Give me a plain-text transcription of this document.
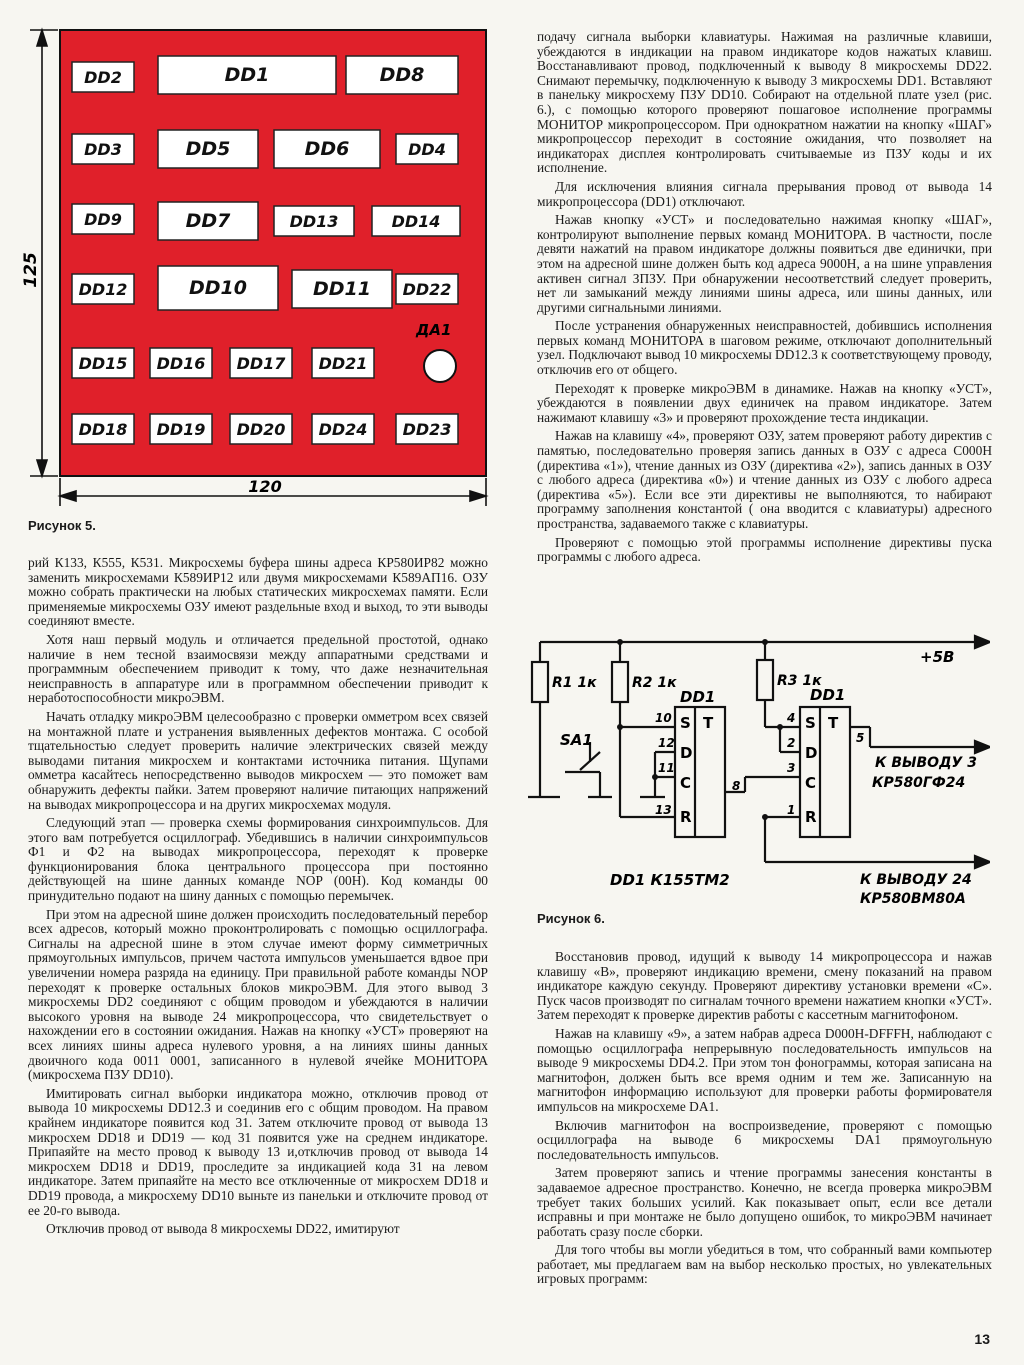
125
120
DD2	DD1	DD8
DD3	DD5	DD6	DD4
DD9	DD7	DD13	DD14
DD12	DD10	DD11 DD22
DD15 DD16 DD17 DD21
DD18 DD19 DD20 DD24 DD23
ДА1
Рисунок 5.

рий К133, К555, К531. Микросхемы буфера шины адреса КР580ИР82 можно заменить микросхемами К589ИР12 или двумя микросхемами К589АП16. ОЗУ можно собрать практически на любых статических микросхемах памяти. Если применяемые микросхемы ОЗУ имеют раздельные вход и выход, то эти выводы соединяют вместе.

Хотя наш первый модуль и отличается предельной простотой, однако наличие в нем тесной взаимосвязи между аппаратными средствами и программным обеспечением приводит к тому, что даже незначительная неисправность в аппаратуре или в программном обеспечении приводит к неработоспособности микроЭВМ.

Начать отладку микроЭВМ целесообразно с проверки омметром всех связей на монтажной плате и устранения выявленных дефектов монтажа. С особой тщательностью следует проверить наличие электрических связей между выводами питания микросхем и контактами источника питания. Щупами омметра касайтесь непосредственно выводов микросхем — это поможет вам обнаружить дефекты пайки. Затем проверяют наличие питающих напряжений на выводах микропроцессора и на других микросхемах модуля.

Следующий этап — проверка схемы формирования синхроимпульсов. Для этого вам потребуется осциллограф. Убедившись в наличии синхроимпульсов Ф1 и Ф2 на выводах микропроцессора, переходят к проверке функционирования блока центрального процессора при постоянно действующей на шине данных команде NOP (00H). Код команды 00 принудительно подают на шину данных с помощью перемычек.

При этом на адресной шине должен происходить последовательный перебор всех адресов, который можно проконтролировать с помощью осциллографа. Сигналы на адресной шине в этом случае имеют форму симметричных прямоугольных импульсов, причем частота импульсов уменьшается вдвое при увеличении номера разряда на единицу. При правильной работе команды NOP переходят к проверке остальных блоков микроЭВМ. Для этого вывод 3 микросхемы DD2 соединяют с общим проводом и убеждаются в наличии высокого уровня на выводе 24 микропроцессора, что свидетельствует о нахождении его в состоянии ожидания. Нажав на кнопку «УСТ» проверяют на всех линиях шины адреса нулевого уровня, а на линиях шины данных двоичного кода 0011 0001, записанного в нулевой ячейке МОНИТОРА (микросхема ПЗУ DD10).

Имитировать сигнал выборки индикатора можно, отключив провод от вывода 10 микросхемы DD12.3 и соединив его с общим проводом. На правом крайнем индикаторе появится код 31. Затем отключите провод от вывода 13 микросхем DD18 и DD19 — код 31 появится уже на среднем индикаторе. Припаяйте на место провод к выводу 13 и,отключив провод от вывода 14 микросхем DD18 и DD19, проследите за индикацией кода 31 на левом индикаторе. Затем припаяйте на место все отключенные от микросхем DD18 и DD19 провода, а микросхему DD10 выньте из панельки и отключите провод от ее 20-го вывода.

Отключив провод от вывода 8 микросхемы DD22, имитируют

подачу сигнала выборки клавиатуры. Нажимая на различные клавиши, убеждаются в индикации на правом индикаторе кодов нажатых клавиш. Восстанавливают провод, подключенный к выводу 8 микросхемы DD22. Снимают перемычку, подключенную к выводу 3 микросхемы DD1. Вставляют в панельку микросхему ПЗУ DD10. Собирают на отдельной плате узел (рис. 6.), с помощью которого проверяют пошаговое исполнение программы МОНИТОР микропроцессором. При однократном нажатии на кнопку «ШАГ» микропроцессор переходит в состояние ожидания, что позволяет на индикаторах дисплея контролировать считываемые из ПЗУ коды и их исполнение.

Для исключения влияния сигнала прерывания провод от вывода 14 микропроцессора (DD1) отключают.

Нажав кнопку «УСТ» и последовательно нажимая кнопку «ШАГ», контролируют выполнение первых команд МОНИТОРА. В частности, после девяти нажатий на правом индикаторе должны появиться две единички, при этом на адресной шине должен быть код адреса 9000H, а на шине управления активен сигнал ЗПЗУ. При обнаружении несоответствий следует проверить, нет ли замыканий между линиями шины адреса, или шины данных, или другими сигнальными линиями.

После устранения обнаруженных неисправностей, добившись исполнения первых команд МОНИТОРА в шаговом режиме, отключают дополнительный узел. Подключают вывод 10 микросхемы DD12.3 к соответствующему проводу, отключив его от общего.

Переходят к проверке микроЭВМ в динамике. Нажав на кнопку «УСТ», убеждаются в появлении двух единичек на правом индикаторе. Затем нажимают клавишу «3» и проверяют прохождение теста индикации.

Нажав на клавишу «4», проверяют ОЗУ, затем проверяют работу директив с памятью, последовательно проверяя запись данных в ОЗУ с адреса С000Н (директива «1»), чтение данных из ОЗУ (директива «2»), запись данных в ОЗУ с любого адреса (директива «0») и чтение данных из ОЗУ с любого адреса (директива «5»). Если все эти директивы не выполняются, то набирают программу заполнения константой ( она вводится с клавиатуры) адресного пространства, задаваемого также с клавиатуры.

Проверяют с помощью этой программы исполнение директивы пуска программы с любого адреса.

Восстановив провод, идущий к выводу 14 микропроцессора и нажав клавишу «В», проверяют индикацию времени, смену показаний на правом индикаторе каждую секунду. Проверяют директиву установки времени «С». Пуск часов производят по сигналам точного времени нажатием кнопки «УСТ». Затем переходят к проверке директив работы с кассетным магнитофоном.

Нажав на клавишу «9», а затем набрав адреса D000H-DFFFH, наблюдают с помощью осциллографа непрерывную последовательность импульсов на выводе 9 микросхемы DD4.2. При этом тон фонограммы, которая записана на магнитофон, должен быть все время одним и тем же. Записанную на магнитофон информацию используют для проверки работы формирователя импульсов на микросхеме DA1.

Включив магнитофон на воспроизведение, проверяют с помощью осциллографа на выводе 6 микросхемы DA1 прямоугольную последовательность импульсов.

Затем проверяют запись и чтение программы занесения константы в задаваемое адресное пространство. Конечно, не всегда проверка микроЭВМ требует таких больших усилий. Как показывает опыт, если все детали исправны и при монтаже не было допущено ошибок, то микроЭВМ начинает работать сразу после сборки.

Для того чтобы вы могли убедиться в том, что собранный вами компьютер работает, мы предлагаем вам на выбор несколько простых, но увлекательных игровых программ:

+5В
R1 1к	R2 1к	R3 1к
SA1
DD1	DD1
10
12
11
13
8
4
2
3
1
5
S
D
C
R
T	S
D
C
R
T
К ВЫВОДУ 3
КР580ГФ24
К ВЫВОДУ 24
КР580ВМ80А
DD1 К155ТМ2
Рисунок 6.
13
